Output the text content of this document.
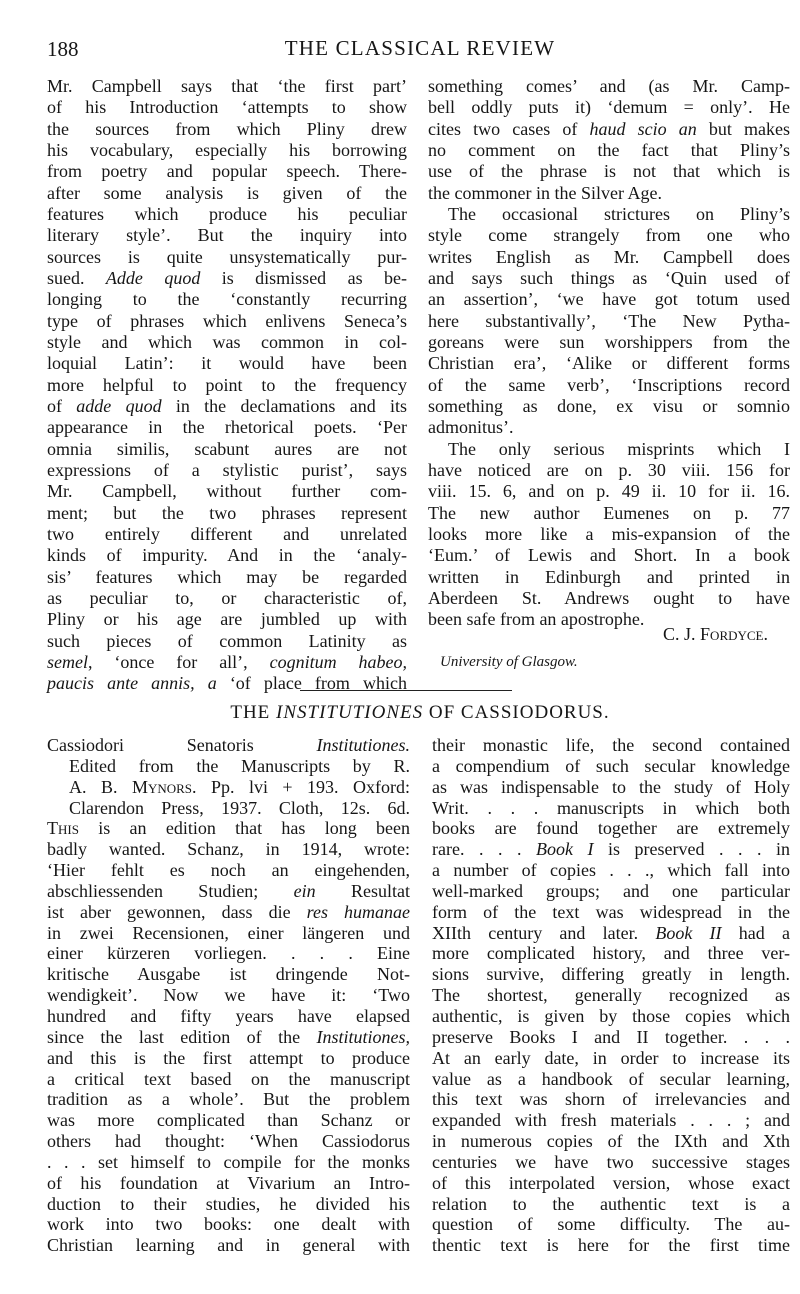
188	THE CLASSICAL REVIEW
Mr. Campbell says that ‘the first part’
of his Introduction ‘attempts to show
the sources from which Pliny drew
his vocabulary, especially his borrowing
from poetry and popular speech. There-
after some analysis is given of the
features which produce his peculiar
literary style’. But the inquiry into
sources is quite unsystematically pur-
sued. Adde quod is dismissed as be-
longing to the ‘constantly recurring
type of phrases which enlivens Seneca’s
style and which was common in col-
loquial Latin’: it would have been
more helpful to point to the frequency
of adde quod in the declamations and its
appearance in the rhetorical poets. ‘Per
omnia similis, scabunt aures are not
expressions of a stylistic purist’, says
Mr. Campbell, without further com-
ment; but the two phrases represent
two entirely different and unrelated
kinds of impurity. And in the ‘analy-
sis’ features which may be regarded
as peculiar to, or characteristic of,
Pliny or his age are jumbled up with
such pieces of common Latinity as
semel, ‘once for all’, cognitum habeo,
paucis ante annis, a ‘of place from which
something comes’ and (as Mr. Camp-
bell oddly puts it) ‘demum = only’. He
cites two cases of haud scio an but makes
no comment on the fact that Pliny’s
use of the phrase is not that which is
the commoner in the Silver Age.
The occasional strictures on Pliny’s
style come strangely from one who
writes English as Mr. Campbell does
and says such things as ‘Quin used of
an assertion’, ‘we have got totum used
here substantivally’, ‘The New Pytha-
goreans were sun worshippers from the
Christian era’, ‘Alike or different forms
of the same verb’, ‘Inscriptions record
something as done, ex visu or somnio
admonitus’.
The only serious misprints which I
have noticed are on p. 30 viii. 156 for
viii. 15. 6, and on p. 49 ii. 10 for ii. 16.
The new author Eumenes on p. 77
looks more like a mis-expansion of the
‘Eum.’ of Lewis and Short. In a book
written in Edinburgh and printed in
Aberdeen St. Andrews ought to have
been safe from an apostrophe.
C. J. Fordyce.
University of Glasgow.
THE INSTITUTIONES OF CASSIODORUS.
Cassiodori Senatoris Institutiones.
Edited from the Manuscripts by R.
A. B. Mynors. Pp. lvi + 193. Oxford:
Clarendon Press, 1937. Cloth, 12s. 6d.
This is an edition that has long been
badly wanted. Schanz, in 1914, wrote:
‘Hier fehlt es noch an eingehenden,
abschliessenden Studien; ein Resultat
ist aber gewonnen, dass die res humanae
in zwei Recensionen, einer längeren und
einer kürzeren vorliegen. . . . Eine
kritische Ausgabe ist dringende Not-
wendigkeit’. Now we have it: ‘Two
hundred and fifty years have elapsed
since the last edition of the Institutiones,
and this is the first attempt to produce
a critical text based on the manuscript
tradition as a whole’. But the problem
was more complicated than Schanz or
others had thought: ‘When Cassiodorus
. . . set himself to compile for the monks
of his foundation at Vivarium an Intro-
duction to their studies, he divided his
work into two books: one dealt with
Christian learning and in general with
their monastic life, the second contained
a compendium of such secular knowledge
as was indispensable to the study of Holy
Writ. . . . manuscripts in which both
books are found together are extremely
rare. . . . Book I is preserved . . . in
a number of copies . . ., which fall into
well-marked groups; and one particular
form of the text was widespread in the
XIIth century and later. Book II had a
more complicated history, and three ver-
sions survive, differing greatly in length.
The shortest, generally recognized as
authentic, is given by those copies which
preserve Books I and II together. . . .
At an early date, in order to increase its
value as a handbook of secular learning,
this text was shorn of irrelevancies and
expanded with fresh materials . . . ; and
in numerous copies of the IXth and Xth
centuries we have two successive stages
of this interpolated version, whose exact
relation to the authentic text is a
question of some difficulty. The au-
thentic text is here for the first time
